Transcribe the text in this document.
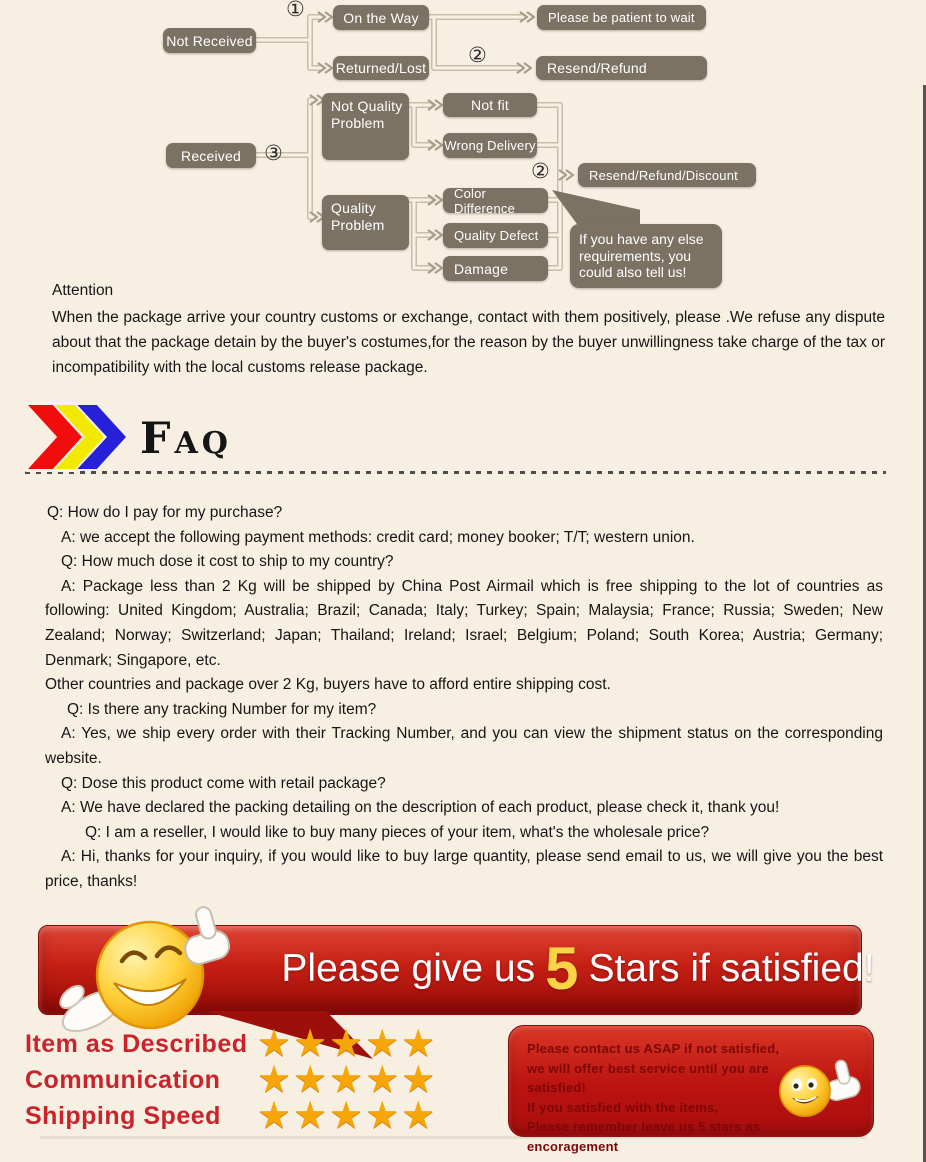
Not Received
On the Way	Please be patient to wait
Returned/Lost	Resend/Refund
Not Quality Problem
Not fit
Wrong Delivery
Received
Resend/Refund/Discount
Quality Problem
Color Difference
Quality Defect
Damage
①
②
③
②
If you have any else requirements, you could also tell us!
Attention
When the package arrive your country customs or exchange, contact with them positively, please .We refuse any dispute about that the package detain by the buyer's costumes,for the reason by the buyer unwillingness take charge of the tax or incompatibility with the local customs release package.
FAQ

Q: How do I pay for my purchase?

A: we accept the following payment methods: credit card; money booker; T/T; western union.

Q: How much dose it cost to ship to my country?

A: Package less than 2 Kg will be shipped by China Post Airmail which is free shipping to the lot of countries as following: United Kingdom; Australia; Brazil; Canada; Italy; Turkey; Spain; Malaysia; France; Russia; Sweden; New Zealand; Norway; Switzerland; Japan; Thailand; Ireland; Israel; Belgium; Poland; South Korea; Austria; Germany; Denmark; Singapore, etc.

Other countries and package over 2 Kg, buyers have to afford entire shipping cost.

Q: Is there any tracking Number for my item?

A: Yes, we ship every order with their Tracking Number, and you can view the shipment status on the corresponding website.

Q: Dose this product come with retail package?

A: We have declared the packing detailing on the description of each product, please check it, thank you!

Q: I am a reseller, I would like to buy many pieces of your item, what's the wholesale price?

A: Hi, thanks for your inquiry, if you would like to buy large quantity, please send email to us, we will give you the best price, thanks!

Please give us 5 Stars if satisfied!
Item as Described ★★★★★
Communication ★★★★★
Shipping Speed ★★★★★
Please contact us ASAP if not satisfied,
we will offer best service until you are satisfied!
If you satisfied with the items,
Please remember leave us 5 stars as encoragement
